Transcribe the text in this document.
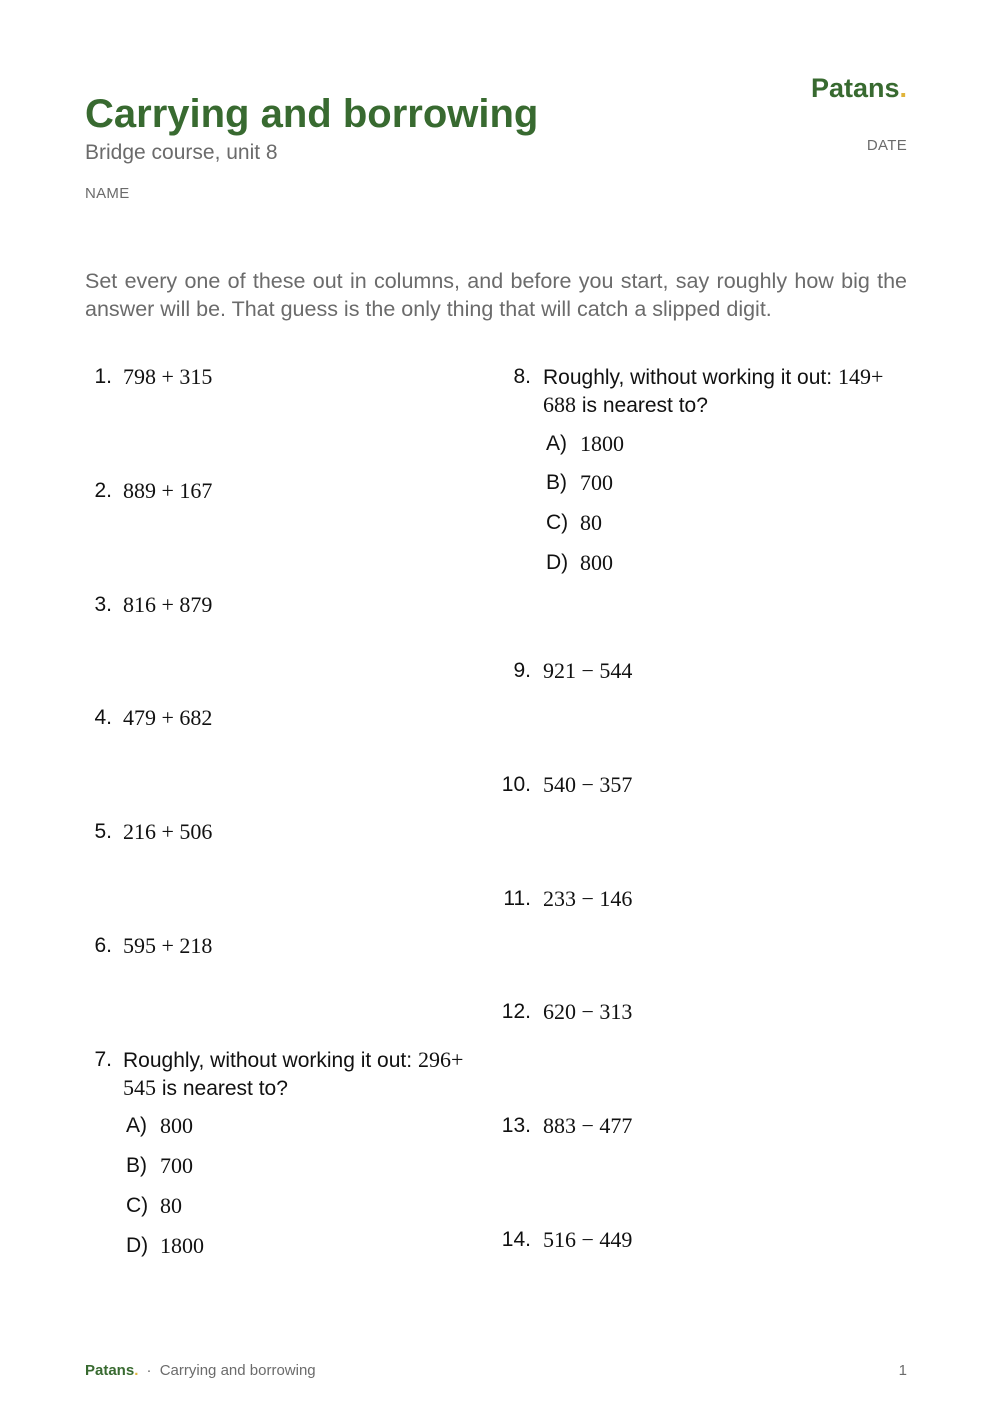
Carrying and borrowing
Bridge course, unit 8
NAME
Patans.
DATE

Set every one of these out in columns, and before you start, say roughly how big the answer will be. That guess is the only thing that will catch a slipped digit.

1. 798 + 315
2. 889 + 167
3. 816 + 879
4. 479 + 682
5. 216 + 506
6. 595 + 218
7. Roughly, without working it out: 296+
545 is nearest to?
A) 800
B) 700
C) 80
D) 1800
8. Roughly, without working it out: 149+
688 is nearest to?
A) 1800
B) 700
C) 80
D) 800
9. 921 − 544
10. 540 − 357
11. 233 − 146
12. 620 − 313
13. 883 − 477
14. 516 − 449
Patans. · Carrying and borrowing	1
